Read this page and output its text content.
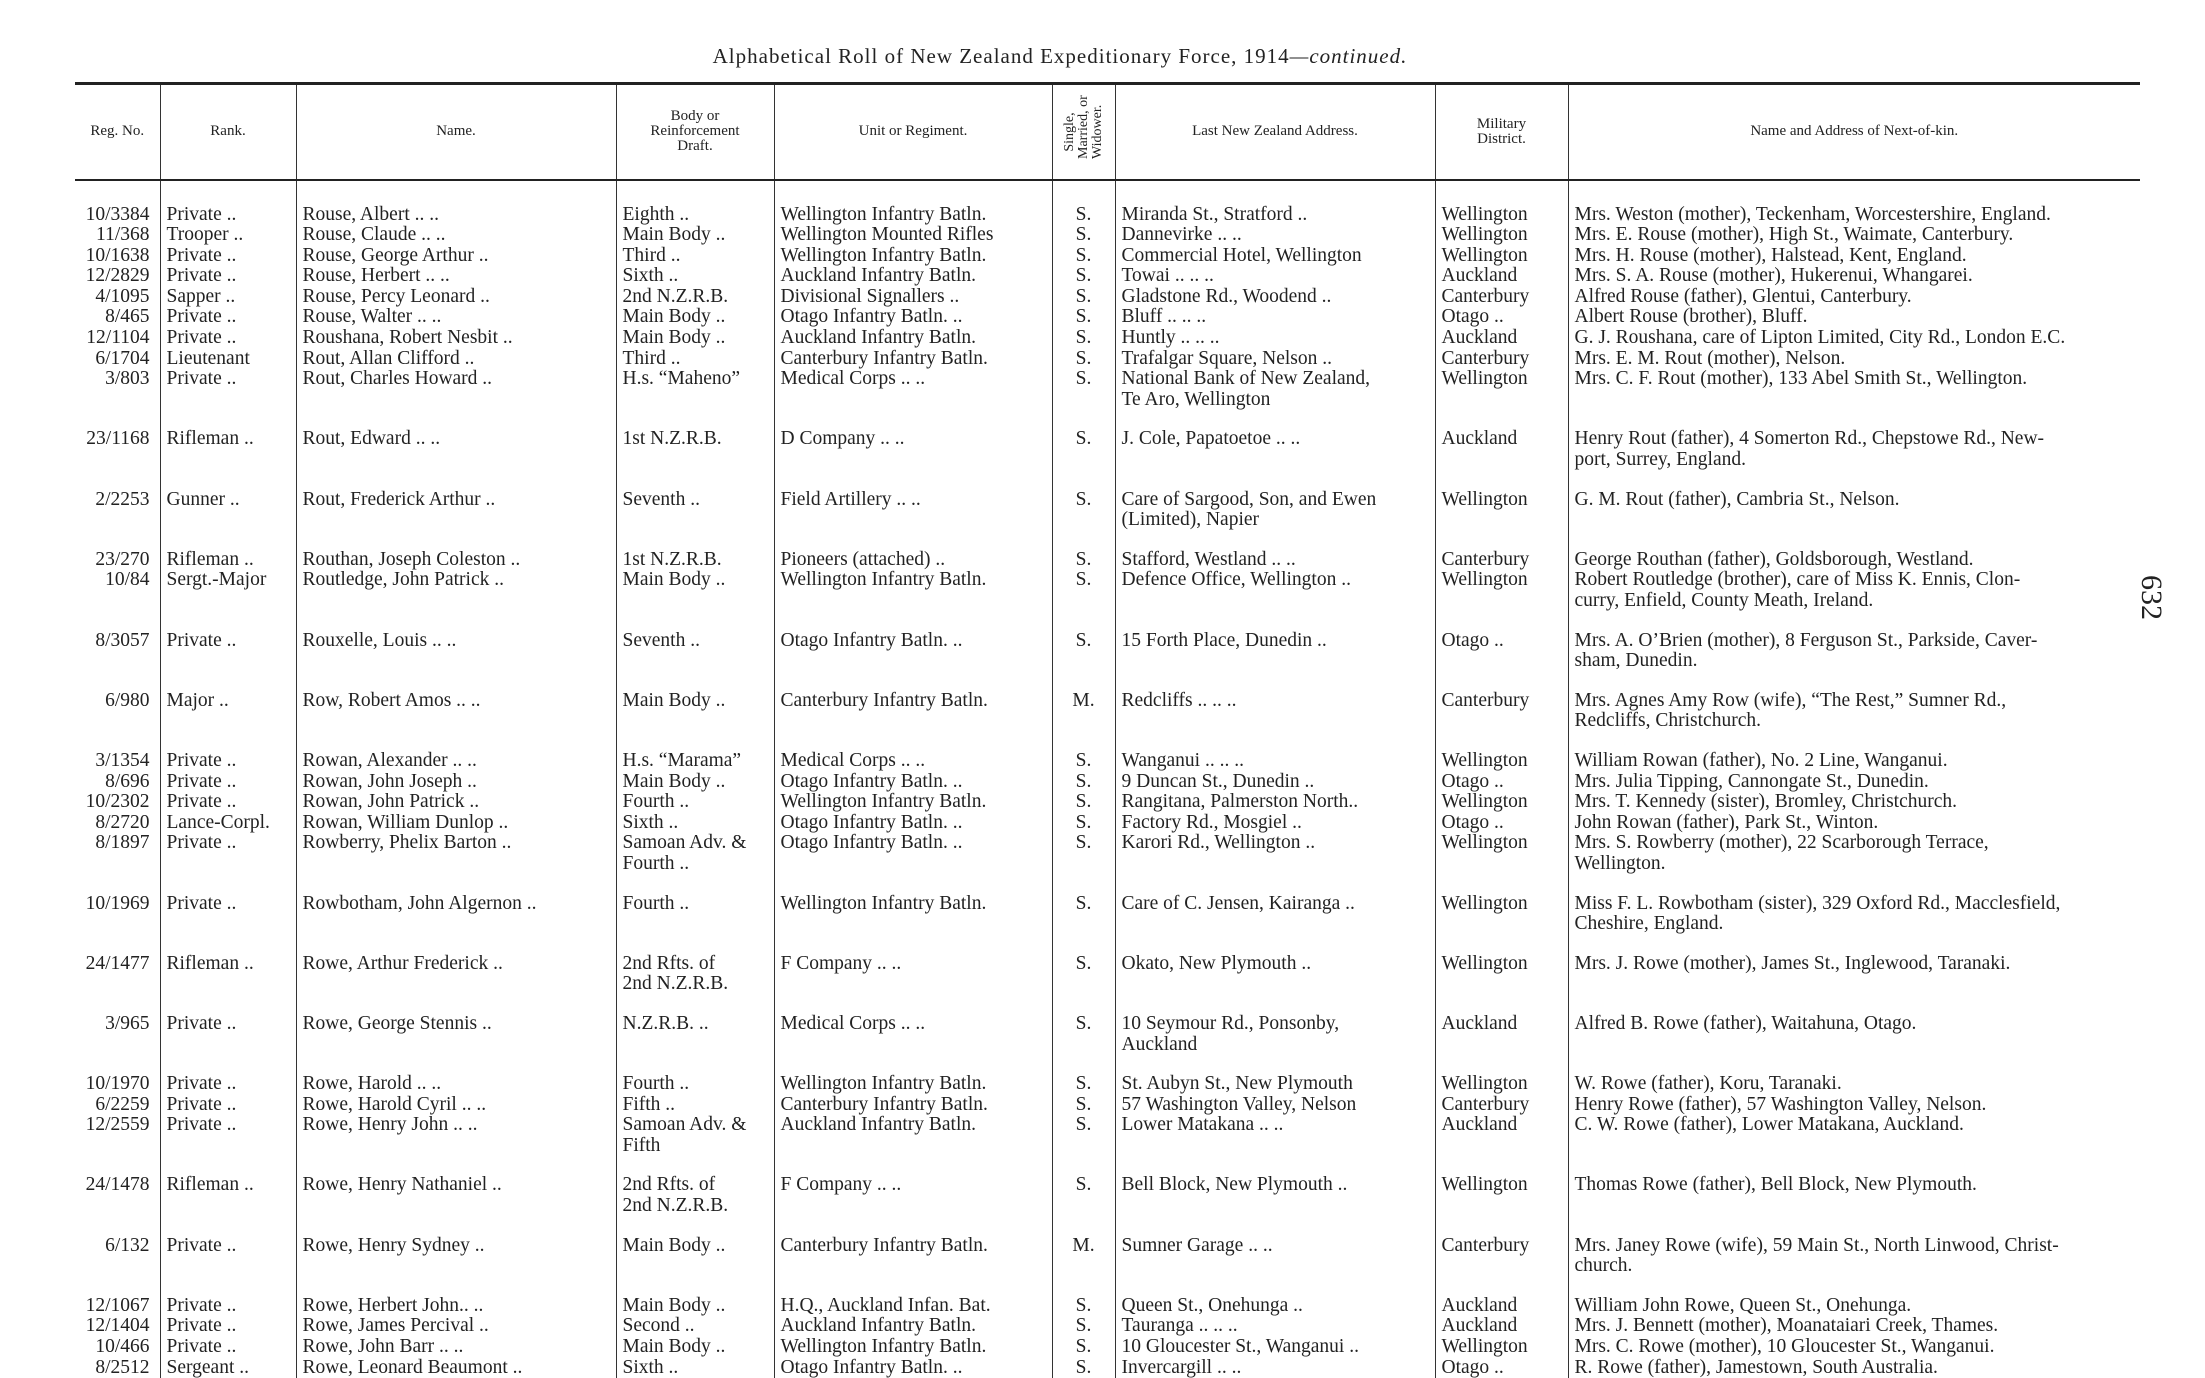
Alphabetical Roll of New Zealand Expeditionary Force, 1914—continued.
632
Reg. No.	Rank.	Name.	Body or
Reinforcement
Draft.	Unit or Regiment.	Single,
Married, or
Widower.	Last New Zealand Address.	Military
District.	Name and Address of Next-of-kin.
10/3384	Private ..	Rouse, Albert .. ..	Eighth ..	Wellington Infantry Batln.	S.	Miranda St., Stratford ..	Wellington	Mrs. Weston (mother), Teckenham, Worcestershire, England.
11/368	Trooper ..	Rouse, Claude .. ..	Main Body ..	Wellington Mounted Rifles	S.	Dannevirke .. ..	Wellington	Mrs. E. Rouse (mother), High St., Waimate, Canterbury.
10/1638	Private ..	Rouse, George Arthur ..	Third ..	Wellington Infantry Batln.	S.	Commercial Hotel, Wellington	Wellington	Mrs. H. Rouse (mother), Halstead, Kent, England.
12/2829	Private ..	Rouse, Herbert .. ..	Sixth ..	Auckland Infantry Batln.	S.	Towai .. .. ..	Auckland	Mrs. S. A. Rouse (mother), Hukerenui, Whangarei.
4/1095	Sapper ..	Rouse, Percy Leonard ..	2nd N.Z.R.B.	Divisional Signallers ..	S.	Gladstone Rd., Woodend ..	Canterbury	Alfred Rouse (father), Glentui, Canterbury.
8/465	Private ..	Rouse, Walter .. ..	Main Body ..	Otago Infantry Batln. ..	S.	Bluff .. .. ..	Otago ..	Albert Rouse (brother), Bluff.
12/1104	Private ..	Roushana, Robert Nesbit ..	Main Body ..	Auckland Infantry Batln.	S.	Huntly .. .. ..	Auckland	G. J. Roushana, care of Lipton Limited, City Rd., London E.C.
6/1704	Lieutenant	Rout, Allan Clifford ..	Third ..	Canterbury Infantry Batln.	S.	Trafalgar Square, Nelson ..	Canterbury	Mrs. E. M. Rout (mother), Nelson.
3/803	Private ..	Rout, Charles Howard ..	H.s. “Maheno”	Medical Corps .. ..	S.	National Bank of New Zealand,
Te Aro, Wellington	Wellington	Mrs. C. F. Rout (mother), 133 Abel Smith St., Wellington.
23/1168	Rifleman ..	Rout, Edward .. ..	1st N.Z.R.B.	D Company .. ..	S.	J. Cole, Papatoetoe .. ..	Auckland	Henry Rout (father), 4 Somerton Rd., Chepstowe Rd., New-
port, Surrey, England.
2/2253	Gunner ..	Rout, Frederick Arthur ..	Seventh ..	Field Artillery .. ..	S.	Care of Sargood, Son, and Ewen
(Limited), Napier	Wellington	G. M. Rout (father), Cambria St., Nelson.
23/270	Rifleman ..	Routhan, Joseph Coleston ..	1st N.Z.R.B.	Pioneers (attached) ..	S.	Stafford, Westland .. ..	Canterbury	George Routhan (father), Goldsborough, Westland.
10/84	Sergt.-Major	Routledge, John Patrick ..	Main Body ..	Wellington Infantry Batln.	S.	Defence Office, Wellington ..	Wellington	Robert Routledge (brother), care of Miss K. Ennis, Clon-
curry, Enfield, County Meath, Ireland.
8/3057	Private ..	Rouxelle, Louis .. ..	Seventh ..	Otago Infantry Batln. ..	S.	15 Forth Place, Dunedin ..	Otago ..	Mrs. A. O’Brien (mother), 8 Ferguson St., Parkside, Caver-
sham, Dunedin.
6/980	Major ..	Row, Robert Amos .. ..	Main Body ..	Canterbury Infantry Batln.	M.	Redcliffs .. .. ..	Canterbury	Mrs. Agnes Amy Row (wife), “The Rest,” Sumner Rd.,
Redcliffs, Christchurch.
3/1354	Private ..	Rowan, Alexander .. ..	H.s. “Marama”	Medical Corps .. ..	S.	Wanganui .. .. ..	Wellington	William Rowan (father), No. 2 Line, Wanganui.
8/696	Private ..	Rowan, John Joseph ..	Main Body ..	Otago Infantry Batln. ..	S.	9 Duncan St., Dunedin ..	Otago ..	Mrs. Julia Tipping, Cannongate St., Dunedin.
10/2302	Private ..	Rowan, John Patrick ..	Fourth ..	Wellington Infantry Batln.	S.	Rangitana, Palmerston North..	Wellington	Mrs. T. Kennedy (sister), Bromley, Christchurch.
8/2720	Lance-Corpl.	Rowan, William Dunlop ..	Sixth ..	Otago Infantry Batln. ..	S.	Factory Rd., Mosgiel ..	Otago ..	John Rowan (father), Park St., Winton.
8/1897	Private ..	Rowberry, Phelix Barton ..	Samoan Adv. &
Fourth ..	Otago Infantry Batln. ..	S.	Karori Rd., Wellington ..	Wellington	Mrs. S. Rowberry (mother), 22 Scarborough Terrace,
Wellington.
10/1969	Private ..	Rowbotham, John Algernon ..	Fourth ..	Wellington Infantry Batln.	S.	Care of C. Jensen, Kairanga ..	Wellington	Miss F. L. Rowbotham (sister), 329 Oxford Rd., Macclesfield,
Cheshire, England.
24/1477	Rifleman ..	Rowe, Arthur Frederick ..	2nd Rfts. of
2nd N.Z.R.B.	F Company .. ..	S.	Okato, New Plymouth ..	Wellington	Mrs. J. Rowe (mother), James St., Inglewood, Taranaki.
3/965	Private ..	Rowe, George Stennis ..	N.Z.R.B. ..	Medical Corps .. ..	S.	10 Seymour Rd., Ponsonby,
Auckland	Auckland	Alfred B. Rowe (father), Waitahuna, Otago.
10/1970	Private ..	Rowe, Harold .. ..	Fourth ..	Wellington Infantry Batln.	S.	St. Aubyn St., New Plymouth	Wellington	W. Rowe (father), Koru, Taranaki.
6/2259	Private ..	Rowe, Harold Cyril .. ..	Fifth ..	Canterbury Infantry Batln.	S.	57 Washington Valley, Nelson	Canterbury	Henry Rowe (father), 57 Washington Valley, Nelson.
12/2559	Private ..	Rowe, Henry John .. ..	Samoan Adv. &
Fifth	Auckland Infantry Batln.	S.	Lower Matakana .. ..	Auckland	C. W. Rowe (father), Lower Matakana, Auckland.
24/1478	Rifleman ..	Rowe, Henry Nathaniel ..	2nd Rfts. of
2nd N.Z.R.B.	F Company .. ..	S.	Bell Block, New Plymouth ..	Wellington	Thomas Rowe (father), Bell Block, New Plymouth.
6/132	Private ..	Rowe, Henry Sydney ..	Main Body ..	Canterbury Infantry Batln.	M.	Sumner Garage .. ..	Canterbury	Mrs. Janey Rowe (wife), 59 Main St., North Linwood, Christ-
church.
12/1067	Private ..	Rowe, Herbert John.. ..	Main Body ..	H.Q., Auckland Infan. Bat.	S.	Queen St., Onehunga ..	Auckland	William John Rowe, Queen St., Onehunga.
12/1404	Private ..	Rowe, James Percival ..	Second ..	Auckland Infantry Batln.	S.	Tauranga .. .. ..	Auckland	Mrs. J. Bennett (mother), Moanataiari Creek, Thames.
10/466	Private ..	Rowe, John Barr .. ..	Main Body ..	Wellington Infantry Batln.	S.	10 Gloucester St., Wanganui ..	Wellington	Mrs. C. Rowe (mother), 10 Gloucester St., Wanganui.
8/2512	Sergeant ..	Rowe, Leonard Beaumont ..	Sixth ..	Otago Infantry Batln. ..	S.	Invercargill .. ..	Otago ..	R. Rowe (father), Jamestown, South Australia.
